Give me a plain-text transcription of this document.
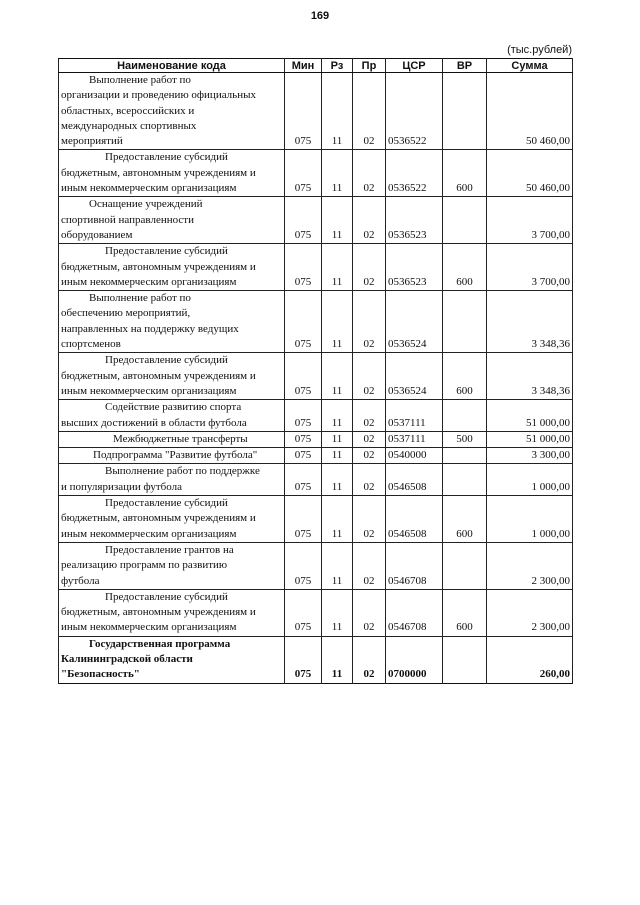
169
(тыс.рублей)
Наименование кода	Мин	Рз	Пр	ЦСР	ВР	Сумма
Выполнение работ по
организации и проведению официальных
областных, всероссийских и
международных спортивных
мероприятий	075	11	02	0536522		50 460,00

Предоставление субсидий
бюджетным, автономным учреждениям и
иным некоммерческим организациям	075	11	02	0536522	600	50 460,00
Оснащение учреждений
спортивной направленности
оборудованием	075	11	02	0536523		3 700,00

Предоставление субсидий
бюджетным, автономным учреждениям и
иным некоммерческим организациям	075	11	02	0536523	600	3 700,00
Выполнение работ по
обеспечению мероприятий,
направленных на поддержку ведущих
спортсменов	075	11	02	0536524		3 348,36

Предоставление субсидий
бюджетным, автономным учреждениям и
иным некоммерческим организациям	075	11	02	0536524	600	3 348,36

Содействие развитию спорта
высших достижений в области футбола	075	11	02	0537111		51 000,00
Межбюджетные трансферты	075	11	02	0537111	500	51 000,00

Подпрограмма "Развитие футбола"	075	11	02	0540000		3 300,00
Выполнение работ по поддержке
и популяризации футбола	075	11	02	0546508		1 000,00

Предоставление субсидий
бюджетным, автономным учреждениям и
иным некоммерческим организациям	075	11	02	0546508	600	1 000,00
Предоставление грантов на
реализацию программ по развитию
футбола	075	11	02	0546708		2 300,00

Предоставление субсидий
бюджетным, автономным учреждениям и
иным некоммерческим организациям	075	11	02	0546708	600	2 300,00
Государственная программа
Калининградской области
"Безопасность"	075	11	02	0700000		260,00
